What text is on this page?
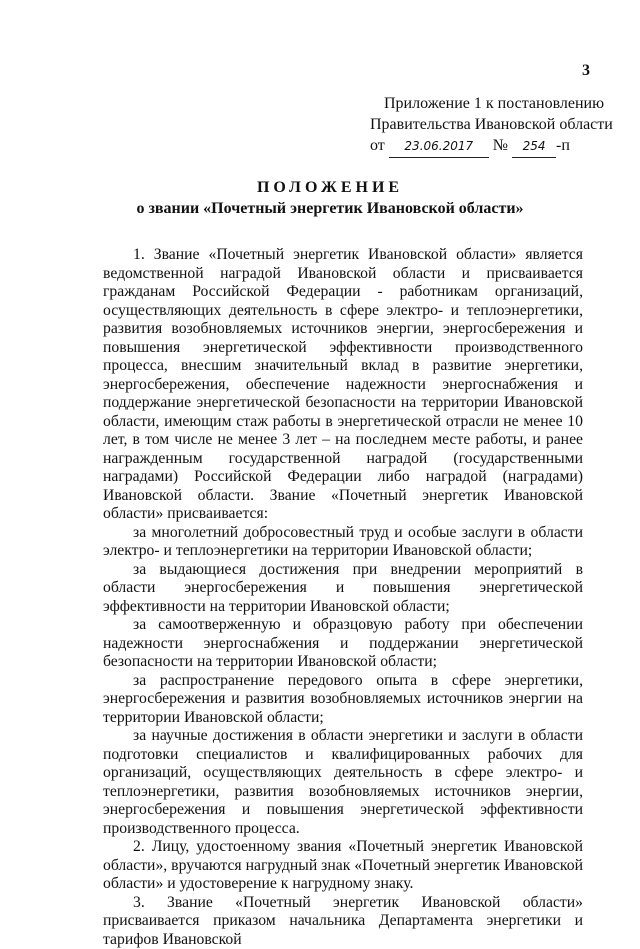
3
Приложение 1 к постановлению
Правительства Ивановской области
от 23.06.2017 № 254 -п
ПОЛОЖЕНИЕ
о звании «Почетный энергетик Ивановской области»

1. Звание «Почетный энергетик Ивановской области» является ведомственной наградой Ивановской области и присваивается гражданам Российской Федерации - работникам организаций, осуществляющих деятельность в сфере электро- и теплоэнергетики, развития возобновляемых источников энергии, энергосбережения и повышения энергетической эффективности производственного процесса, внесшим значительный вклад в развитие энергетики, энергосбережения, обеспечение надежности энергоснабжения и поддержание энергетической безопасности на территории Ивановской области, имеющим стаж работы в энергетической отрасли не менее 10 лет, в том числе не менее 3 лет – на последнем месте работы, и ранее награжденным государственной наградой (государственными наградами) Российской Федерации либо наградой (наградами) Ивановской области. Звание «Почетный энергетик Ивановской области» присваивается:

за многолетний добросовестный труд и особые заслуги в области электро- и теплоэнергетики на территории Ивановской области;

за выдающиеся достижения при внедрении мероприятий в области энергосбережения и повышения энергетической эффективности на территории Ивановской области;

за самоотверженную и образцовую работу при обеспечении надежности энергоснабжения и поддержании энергетической безопасности на территории Ивановской области;

за распространение передового опыта в сфере энергетики, энергосбережения и развития возобновляемых источников энергии на территории Ивановской области;

за научные достижения в области энергетики и заслуги в области подготовки специалистов и квалифицированных рабочих для организаций, осуществляющих деятельность в сфере электро- и теплоэнергетики, развития возобновляемых источников энергии, энергосбережения и повышения энергетической эффективности производственного процесса.

2. Лицу, удостоенному звания «Почетный энергетик Ивановской области», вручаются нагрудный знак «Почетный энергетик Ивановской области» и удостоверение к нагрудному знаку.

3. Звание «Почетный энергетик Ивановской области» присваивается приказом начальника Департамента энергетики и тарифов Ивановской
